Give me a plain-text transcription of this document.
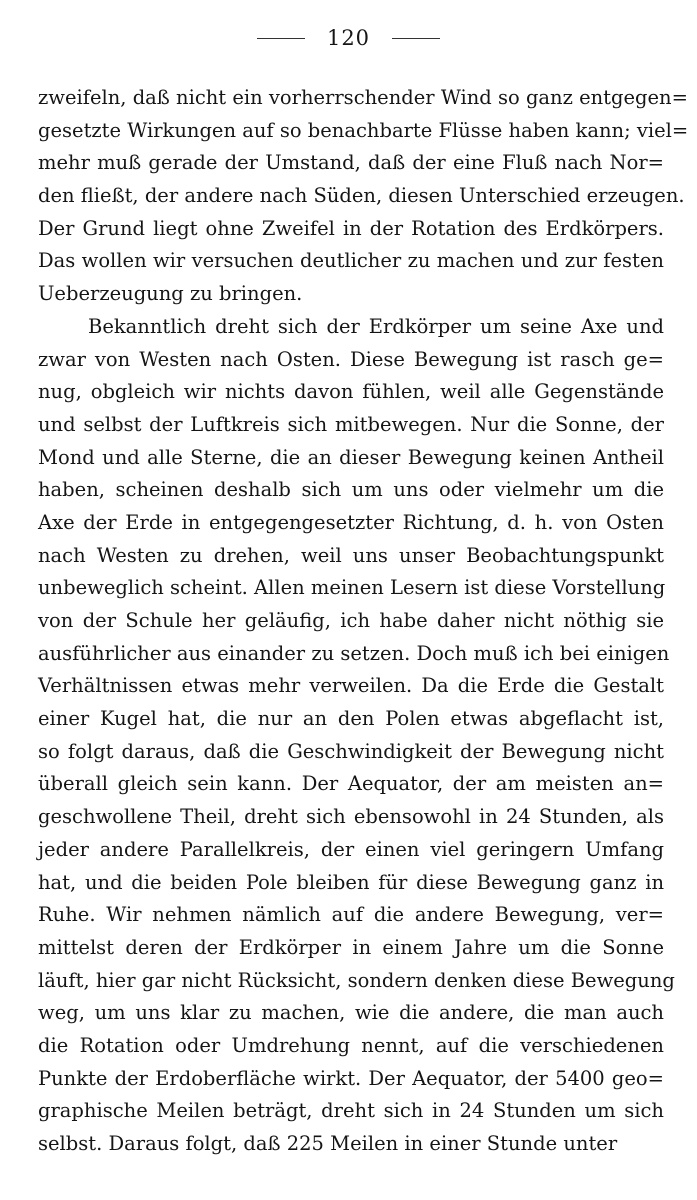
120
zweifeln, daß nicht ein vorherrschender Wind so ganz entgegen=
gesetzte Wirkungen auf so benachbarte Flüsse haben kann; viel=
mehr muß gerade der Umstand, daß der eine Fluß nach Nor=
den fließt, der andere nach Süden, diesen Unterschied erzeugen.
Der Grund liegt ohne Zweifel in der Rotation des Erdkörpers.
Das wollen wir versuchen deutlicher zu machen und zur festen
Ueberzeugung zu bringen.
Bekanntlich dreht sich der Erdkörper um seine Axe und
zwar von Westen nach Osten. Diese Bewegung ist rasch ge=
nug, obgleich wir nichts davon fühlen, weil alle Gegenstände
und selbst der Luftkreis sich mitbewegen. Nur die Sonne, der
Mond und alle Sterne, die an dieser Bewegung keinen Antheil
haben, scheinen deshalb sich um uns oder vielmehr um die
Axe der Erde in entgegengesetzter Richtung, d. h. von Osten
nach Westen zu drehen, weil uns unser Beobachtungspunkt
unbeweglich scheint. Allen meinen Lesern ist diese Vorstellung
von der Schule her geläufig, ich habe daher nicht nöthig sie
ausführlicher aus einander zu setzen. Doch muß ich bei einigen
Verhältnissen etwas mehr verweilen. Da die Erde die Gestalt
einer Kugel hat, die nur an den Polen etwas abgeflacht ist,
so folgt daraus, daß die Geschwindigkeit der Bewegung nicht
überall gleich sein kann. Der Aequator, der am meisten an=
geschwollene Theil, dreht sich ebensowohl in 24 Stunden, als
jeder andere Parallelkreis, der einen viel geringern Umfang
hat, und die beiden Pole bleiben für diese Bewegung ganz in
Ruhe. Wir nehmen nämlich auf die andere Bewegung, ver=
mittelst deren der Erdkörper in einem Jahre um die Sonne
läuft, hier gar nicht Rücksicht, sondern denken diese Bewegung
weg, um uns klar zu machen, wie die andere, die man auch
die Rotation oder Umdrehung nennt, auf die verschiedenen
Punkte der Erdoberfläche wirkt. Der Aequator, der 5400 geo=
graphische Meilen beträgt, dreht sich in 24 Stunden um sich
selbst. Daraus folgt, daß 225 Meilen in einer Stunde unter
